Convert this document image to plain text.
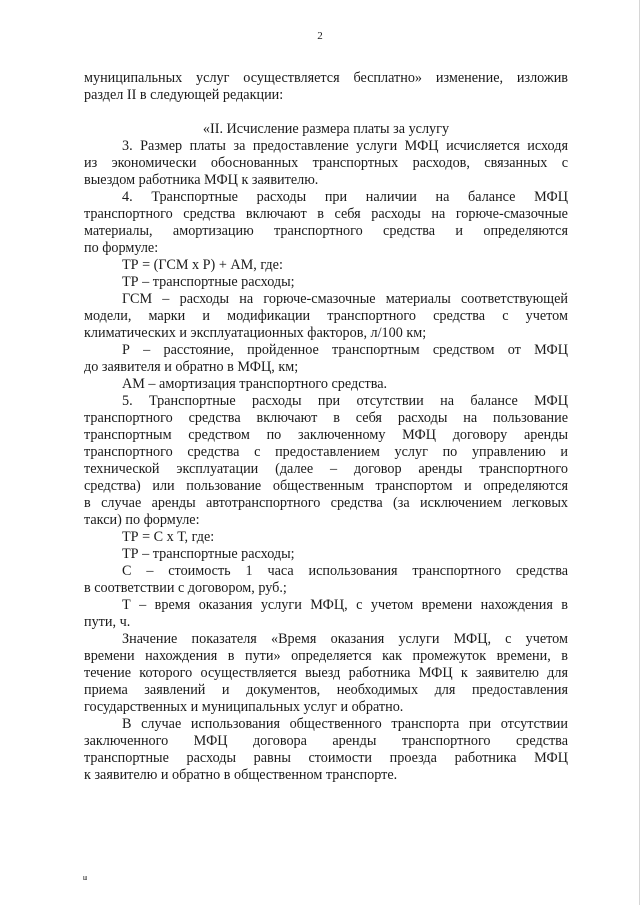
2
муниципальных услуг осуществляется бесплатно» изменение, изложив
раздел II в следующей редакции:
«II. Исчисление размера платы за услугу
3. Размер платы за предоставление услуги МФЦ исчисляется исходя
из экономически обоснованных транспортных расходов, связанных с
выездом работника МФЦ к заявителю.
4. Транспортные расходы при наличии на балансе МФЦ
транспортного средства включают в себя расходы на горюче-смазочные
материалы, амортизацию транспортного средства и определяются
по формуле:
ТР = (ГСМ х Р) + АМ, где:
ТР – транспортные расходы;
ГСМ – расходы на горюче-смазочные материалы соответствующей
модели, марки и модификации транспортного средства с учетом
климатических и эксплуатационных факторов, л/100 км;
Р – расстояние, пройденное транспортным средством от МФЦ
до заявителя и обратно в МФЦ, км;
АМ – амортизация транспортного средства.
5. Транспортные расходы при отсутствии на балансе МФЦ
транспортного средства включают в себя расходы на пользование
транспортным средством по заключенному МФЦ договору аренды
транспортного средства с предоставлением услуг по управлению и
технической эксплуатации (далее – договор аренды транспортного
средства) или пользование общественным транспортом и определяются
в случае аренды автотранспортного средства (за исключением легковых
такси) по формуле:
ТР = С х Т, где:
ТР – транспортные расходы;
С – стоимость 1 часа использования транспортного средства
в соответствии с договором, руб.;
Т – время оказания услуги МФЦ, с учетом времени нахождения в
пути, ч.
Значение показателя «Время оказания услуги МФЦ, с учетом
времени нахождения в пути» определяется как промежуток времени, в
течение которого осуществляется выезд работника МФЦ к заявителю для
приема заявлений и документов, необходимых для предоставления
государственных и муниципальных услуг и обратно.
В случае использования общественного транспорта при отсутствии
заключенного МФЦ договора аренды транспортного средства
транспортные расходы равны стоимости проезда работника МФЦ
к заявителю и обратно в общественном транспорте.
ш
